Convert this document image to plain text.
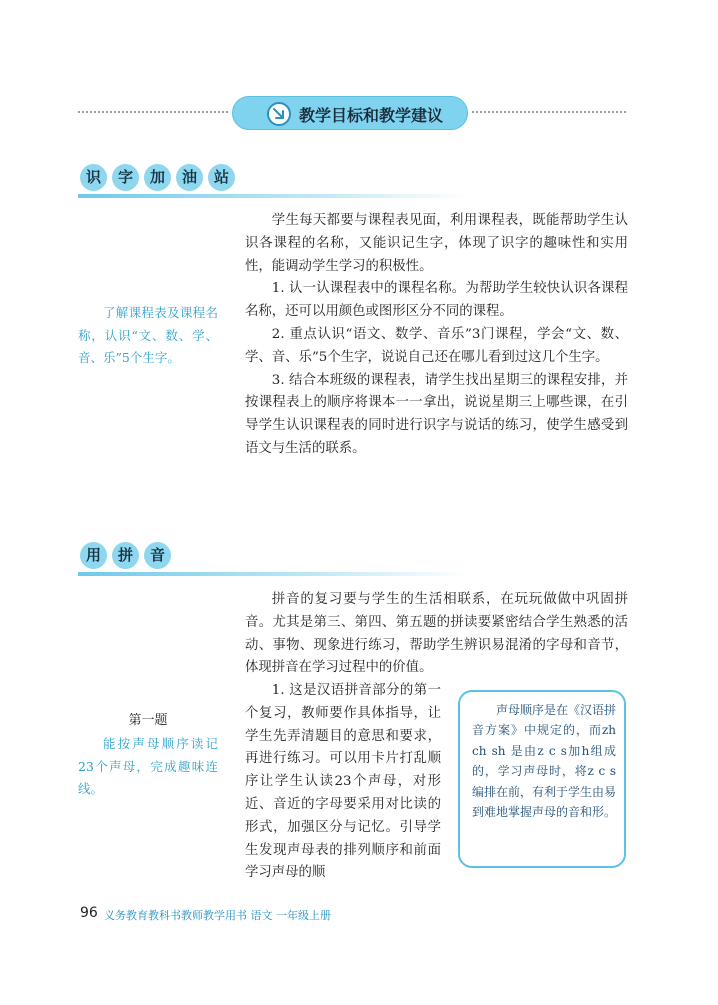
教学目标和教学建议
识	字	加	油	站
了解课程表及课程名称，认识“文、数、学、音、乐”5个生字。

学生每天都要与课程表见面，利用课程表，既能帮助学生认识各课程的名称，又能识记生字，体现了识字的趣味性和实用性，能调动学生学习的积极性。

1. 认一认课程表中的课程名称。为帮助学生较快认识各课程名称，还可以用颜色或图形区分不同的课程。

2. 重点认识“语文、数学、音乐”3门课程，学会“文、数、学、音、乐”5个生字，说说自己还在哪儿看到过这几个生字。

3. 结合本班级的课程表，请学生找出星期三的课程安排，并按课程表上的顺序将课本一一拿出，说说星期三上哪些课，在引导学生认识课程表的同时进行识字与说话的练习，使学生感受到语文与生活的联系。

用	拼	音

拼音的复习要与学生的生活相联系，在玩玩做做中巩固拼音。尤其是第三、第四、第五题的拼读要紧密结合学生熟悉的活动、事物、现象进行练习，帮助学生辨识易混淆的字母和音节，体现拼音在学习过程中的价值。

第一题
能按声母顺序读记23个声母，完成趣味连线。

1. 这是汉语拼音部分的第一个复习，教师要作具体指导，让学生先弄清题目的意思和要求，再进行练习。可以用卡片打乱顺序让学生认读23个声母，对形近、音近的字母要采用对比读的形式，加强区分与记忆。引导学生发现声母表的排列顺序和前面学习声母的顺

声母顺序是在《汉语拼音方案》中规定的，而zh ch sh 是由z c s加h组成的，学习声母时，将z c s编排在前，有利于学生由易到难地掌握声母的音和形。
96 义务教育教科书教师教学用书 语文 一年级上册
